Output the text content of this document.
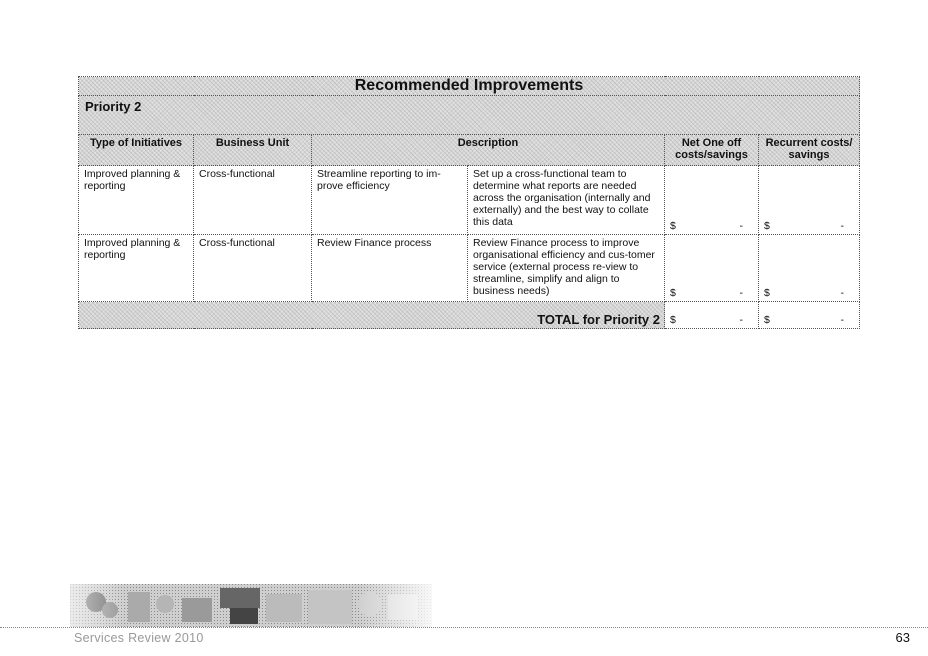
Recommended Improvements					
Priority 2					
Type of Initiatives	Business Unit	Description		Net One off costs/savings	Recurrent costs/ savings
Improved planning & reporting	Cross-functional	Streamline reporting to im-prove efficiency	Set up a cross-functional team to determine what reports are needed across the organisation (internally and externally) and the best way to collate this data	$ -	$ -

Improved planning & reporting	Cross-functional	Review Finance process	Review Finance process to improve organisational efficiency and cus-tomer service (external process re-view to streamline, simplify and align to business needs)	$ -	$ -

TOTAL for Priority 2				$ -	$ -
Services Review 2010	63
